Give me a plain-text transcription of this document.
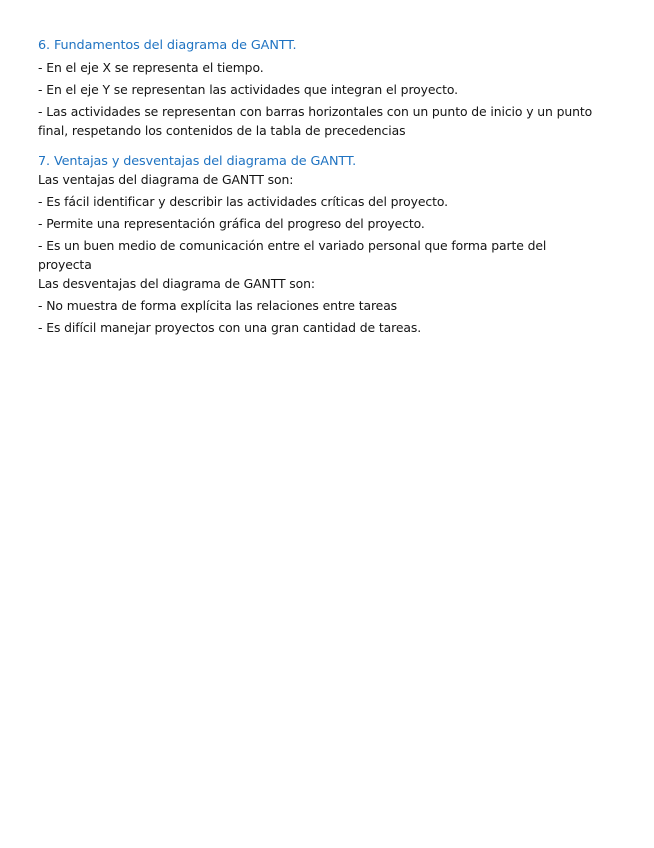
6. Fundamentos del diagrama de GANTT.

- En el eje X se representa el tiempo.

- En el eje Y se representan las actividades que integran el proyecto.

- Las actividades se representan con barras horizontales con un punto de inicio y un punto final, respetando los contenidos de la tabla de precedencias

7. Ventajas y desventajas del diagrama de GANTT.

Las ventajas del diagrama de GANTT son:

- Es fácil identificar y describir las actividades críticas del proyecto.

- Permite una representación gráfica del progreso del proyecto.

- Es un buen medio de comunicación entre el variado personal que forma parte del proyecta

Las desventajas del diagrama de GANTT son:

- No muestra de forma explícita las relaciones entre tareas

- Es difícil manejar proyectos con una gran cantidad de tareas.
